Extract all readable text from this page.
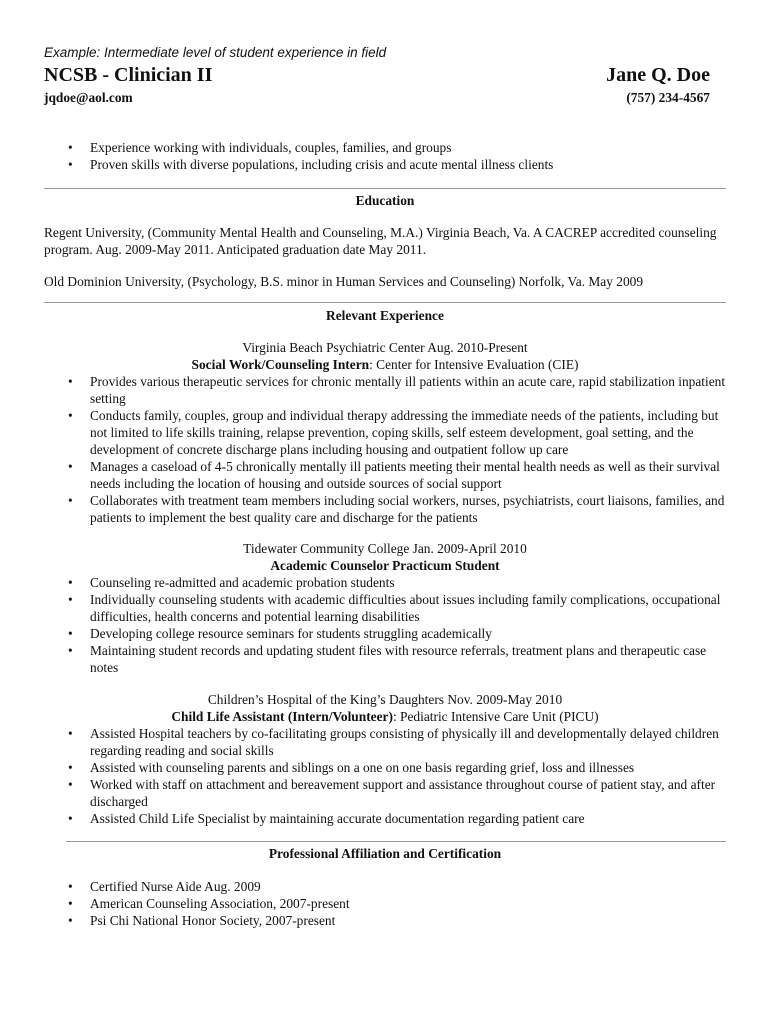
Example: Intermediate level of student experience in field
NCSB - Clinician II	Jane Q. Doe
jqdoe@aol.com	(757) 234-4567
• Experience working with individuals, couples, families, and groups
• Proven skills with diverse populations, including crisis and acute mental illness clients
Education
Regent University, (Community Mental Health and Counseling, M.A.) Virginia Beach, Va. A CACREP accredited counseling program. Aug. 2009-May 2011. Anticipated graduation date May 2011.
Old Dominion University, (Psychology, B.S. minor in Human Services and Counseling) Norfolk, Va. May 2009
Relevant Experience
Virginia Beach Psychiatric Center Aug. 2010-Present
Social Work/Counseling Intern: Center for Intensive Evaluation (CIE)
• Provides various therapeutic services for chronic mentally ill patients within an acute care, rapid stabilization inpatient setting
• Conducts family, couples, group and individual therapy addressing the immediate needs of the patients, including but not limited to life skills training, relapse prevention, coping skills, self esteem development, goal setting, and the development of concrete discharge plans including housing and outpatient follow up care
• Manages a caseload of 4-5 chronically mentally ill patients meeting their mental health needs as well as their survival needs including the location of housing and outside sources of social support
• Collaborates with treatment team members including social workers, nurses, psychiatrists, court liaisons, families, and patients to implement the best quality care and discharge for the patients
Tidewater Community College Jan. 2009-April 2010
Academic Counselor Practicum Student
• Counseling re-admitted and academic probation students
• Individually counseling students with academic difficulties about issues including family complications, occupational difficulties, health concerns and potential learning disabilities
• Developing college resource seminars for students struggling academically
• Maintaining student records and updating student files with resource referrals, treatment plans and therapeutic case notes
Children’s Hospital of the King’s Daughters Nov. 2009-May 2010
Child Life Assistant (Intern/Volunteer): Pediatric Intensive Care Unit (PICU)
• Assisted Hospital teachers by co-facilitating groups consisting of physically ill and developmentally delayed children regarding reading and social skills
• Assisted with counseling parents and siblings on a one on one basis regarding grief, loss and illnesses
• Worked with staff on attachment and bereavement support and assistance throughout course of patient stay, and after discharged
• Assisted Child Life Specialist by maintaining accurate documentation regarding patient care
Professional Affiliation and Certification
• Certified Nurse Aide Aug. 2009
• American Counseling Association, 2007-present
• Psi Chi National Honor Society, 2007-present
